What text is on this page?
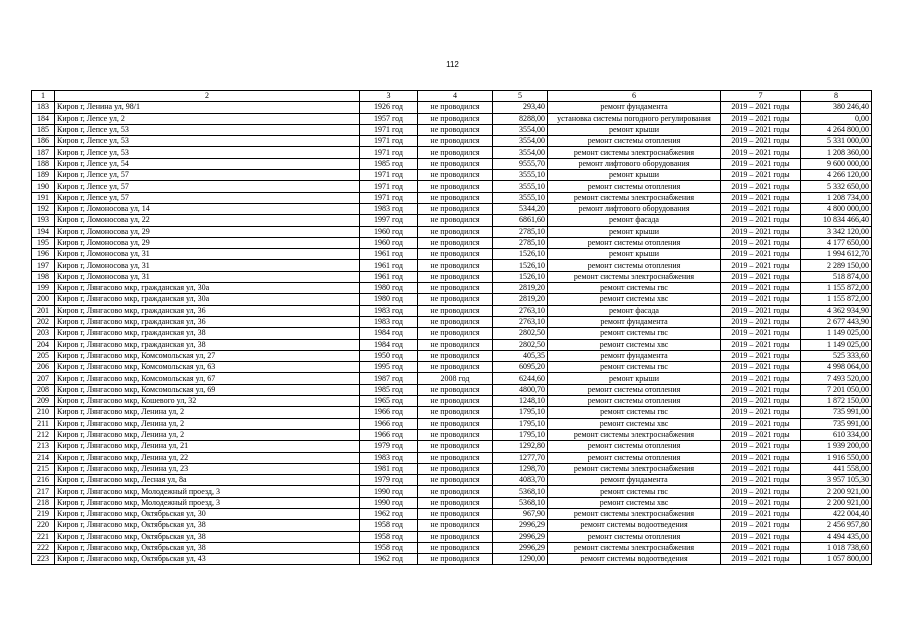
112
1	2	3	4	5	6	7	8
183	Киров г, Ленина ул, 98/1	1926 год	не проводился	293,40	ремонт фундамента	2019 – 2021 годы	380 246,40
184	Киров г, Лепсе ул, 2	1957 год	не проводился	8288,00	установка системы погодного регулирования	2019 – 2021 годы	0,00
185	Киров г, Лепсе ул, 53	1971 год	не проводился	3554,00	ремонт крыши	2019 – 2021 годы	4 264 800,00
186	Киров г, Лепсе ул, 53	1971 год	не проводился	3554,00	ремонт системы отопления	2019 – 2021 годы	5 331 000,00
187	Киров г, Лепсе ул, 53	1971 год	не проводился	3554,00	ремонт системы электроснабжения	2019 – 2021 годы	1 208 360,00
188	Киров г, Лепсе ул, 54	1985 год	не проводился	9555,70	ремонт лифтового оборудования	2019 – 2021 годы	9 600 000,00
189	Киров г, Лепсе ул, 57	1971 год	не проводился	3555,10	ремонт крыши	2019 – 2021 годы	4 266 120,00
190	Киров г, Лепсе ул, 57	1971 год	не проводился	3555,10	ремонт системы отопления	2019 – 2021 годы	5 332 650,00
191	Киров г, Лепсе ул, 57	1971 год	не проводился	3555,10	ремонт системы электроснабжения	2019 – 2021 годы	1 208 734,00
192	Киров г, Ломоносова ул, 14	1983 год	не проводился	5344,20	ремонт лифтового оборудования	2019 – 2021 годы	4 800 000,00
193	Киров г, Ломоносова ул, 22	1997 год	не проводился	6861,60	ремонт фасада	2019 – 2021 годы	10 834 466,40
194	Киров г, Ломоносова ул, 29	1960 год	не проводился	2785,10	ремонт крыши	2019 – 2021 годы	3 342 120,00
195	Киров г, Ломоносова ул, 29	1960 год	не проводился	2785,10	ремонт системы отопления	2019 – 2021 годы	4 177 650,00
196	Киров г, Ломоносова ул, 31	1961 год	не проводился	1526,10	ремонт крыши	2019 – 2021 годы	1 994 612,70
197	Киров г, Ломоносова ул, 31	1961 год	не проводился	1526,10	ремонт системы отопления	2019 – 2021 годы	2 289 150,00
198	Киров г, Ломоносова ул, 31	1961 год	не проводился	1526,10	ремонт системы электроснабжения	2019 – 2021 годы	518 874,00
199	Киров г, Лянгасово мкр, гражданская ул, 30а	1980 год	не проводился	2819,20	ремонт системы гвс	2019 – 2021 годы	1 155 872,00
200	Киров г, Лянгасово мкр, гражданская ул, 30а	1980 год	не проводился	2819,20	ремонт системы хвс	2019 – 2021 годы	1 155 872,00
201	Киров г, Лянгасово мкр, гражданская ул, 36	1983 год	не проводился	2763,10	ремонт фасада	2019 – 2021 годы	4 362 934,90
202	Киров г, Лянгасово мкр, гражданская ул, 36	1983 год	не проводился	2763,10	ремонт фундамента	2019 – 2021 годы	2 677 443,90
203	Киров г, Лянгасово мкр, гражданская ул, 38	1984 год	не проводился	2802,50	ремонт системы гвс	2019 – 2021 годы	1 149 025,00
204	Киров г, Лянгасово мкр, гражданская ул, 38	1984 год	не проводился	2802,50	ремонт системы хвс	2019 – 2021 годы	1 149 025,00
205	Киров г, Лянгасово мкр, Комсомольская ул, 27	1950 год	не проводился	405,35	ремонт фундамента	2019 – 2021 годы	525 333,60
206	Киров г, Лянгасово мкр, Комсомольская ул, 63	1995 год	не проводился	6095,20	ремонт системы гвс	2019 – 2021 годы	4 998 064,00
207	Киров г, Лянгасово мкр, Комсомольская ул, 67	1987 год	2008 год	6244,60	ремонт крыши	2019 – 2021 годы	7 493 520,00
208	Киров г, Лянгасово мкр, Комсомольская ул, 69	1985 год	не проводился	4800,70	ремонт системы отопления	2019 – 2021 годы	7 201 050,00
209	Киров г, Лянгасово мкр, Кошевого ул, 32	1965 год	не проводился	1248,10	ремонт системы отопления	2019 – 2021 годы	1 872 150,00
210	Киров г, Лянгасово мкр, Ленина ул, 2	1966 год	не проводился	1795,10	ремонт системы гвс	2019 – 2021 годы	735 991,00
211	Киров г, Лянгасово мкр, Ленина ул, 2	1966 год	не проводился	1795,10	ремонт системы хвс	2019 – 2021 годы	735 991,00
212	Киров г, Лянгасово мкр, Ленина ул, 2	1966 год	не проводился	1795,10	ремонт системы электроснабжения	2019 – 2021 годы	610 334,00
213	Киров г, Лянгасово мкр, Ленина ул, 21	1979 год	не проводился	1292,80	ремонт системы отопления	2019 – 2021 годы	1 939 200,00
214	Киров г, Лянгасово мкр, Ленина ул, 22	1983 год	не проводился	1277,70	ремонт системы отопления	2019 – 2021 годы	1 916 550,00
215	Киров г, Лянгасово мкр, Ленина ул, 23	1981 год	не проводился	1298,70	ремонт системы электроснабжения	2019 – 2021 годы	441 558,00
216	Киров г, Лянгасово мкр, Лесная ул, 8а	1979 год	не проводился	4083,70	ремонт фундамента	2019 – 2021 годы	3 957 105,30
217	Киров г, Лянгасово мкр, Молодежный проезд, 3	1990 год	не проводился	5368,10	ремонт системы гвс	2019 – 2021 годы	2 200 921,00
218	Киров г, Лянгасово мкр, Молодежный проезд, 3	1990 год	не проводился	5368,10	ремонт системы хвс	2019 – 2021 годы	2 200 921,00
219	Киров г, Лянгасово мкр, Октябрьская ул, 30	1962 год	не проводился	967,90	ремонт системы электроснабжения	2019 – 2021 годы	422 004,40
220	Киров г, Лянгасово мкр, Октябрьская ул, 38	1958 год	не проводился	2996,29	ремонт системы водоотведения	2019 – 2021 годы	2 456 957,80
221	Киров г, Лянгасово мкр, Октябрьская ул, 38	1958 год	не проводился	2996,29	ремонт системы отопления	2019 – 2021 годы	4 494 435,00
222	Киров г, Лянгасово мкр, Октябрьская ул, 38	1958 год	не проводился	2996,29	ремонт системы электроснабжения	2019 – 2021 годы	1 018 738,60
223	Киров г, Лянгасово мкр, Октябрьская ул, 43	1962 год	не проводился	1290,00	ремонт системы водоотведения	2019 – 2021 годы	1 057 800,00
